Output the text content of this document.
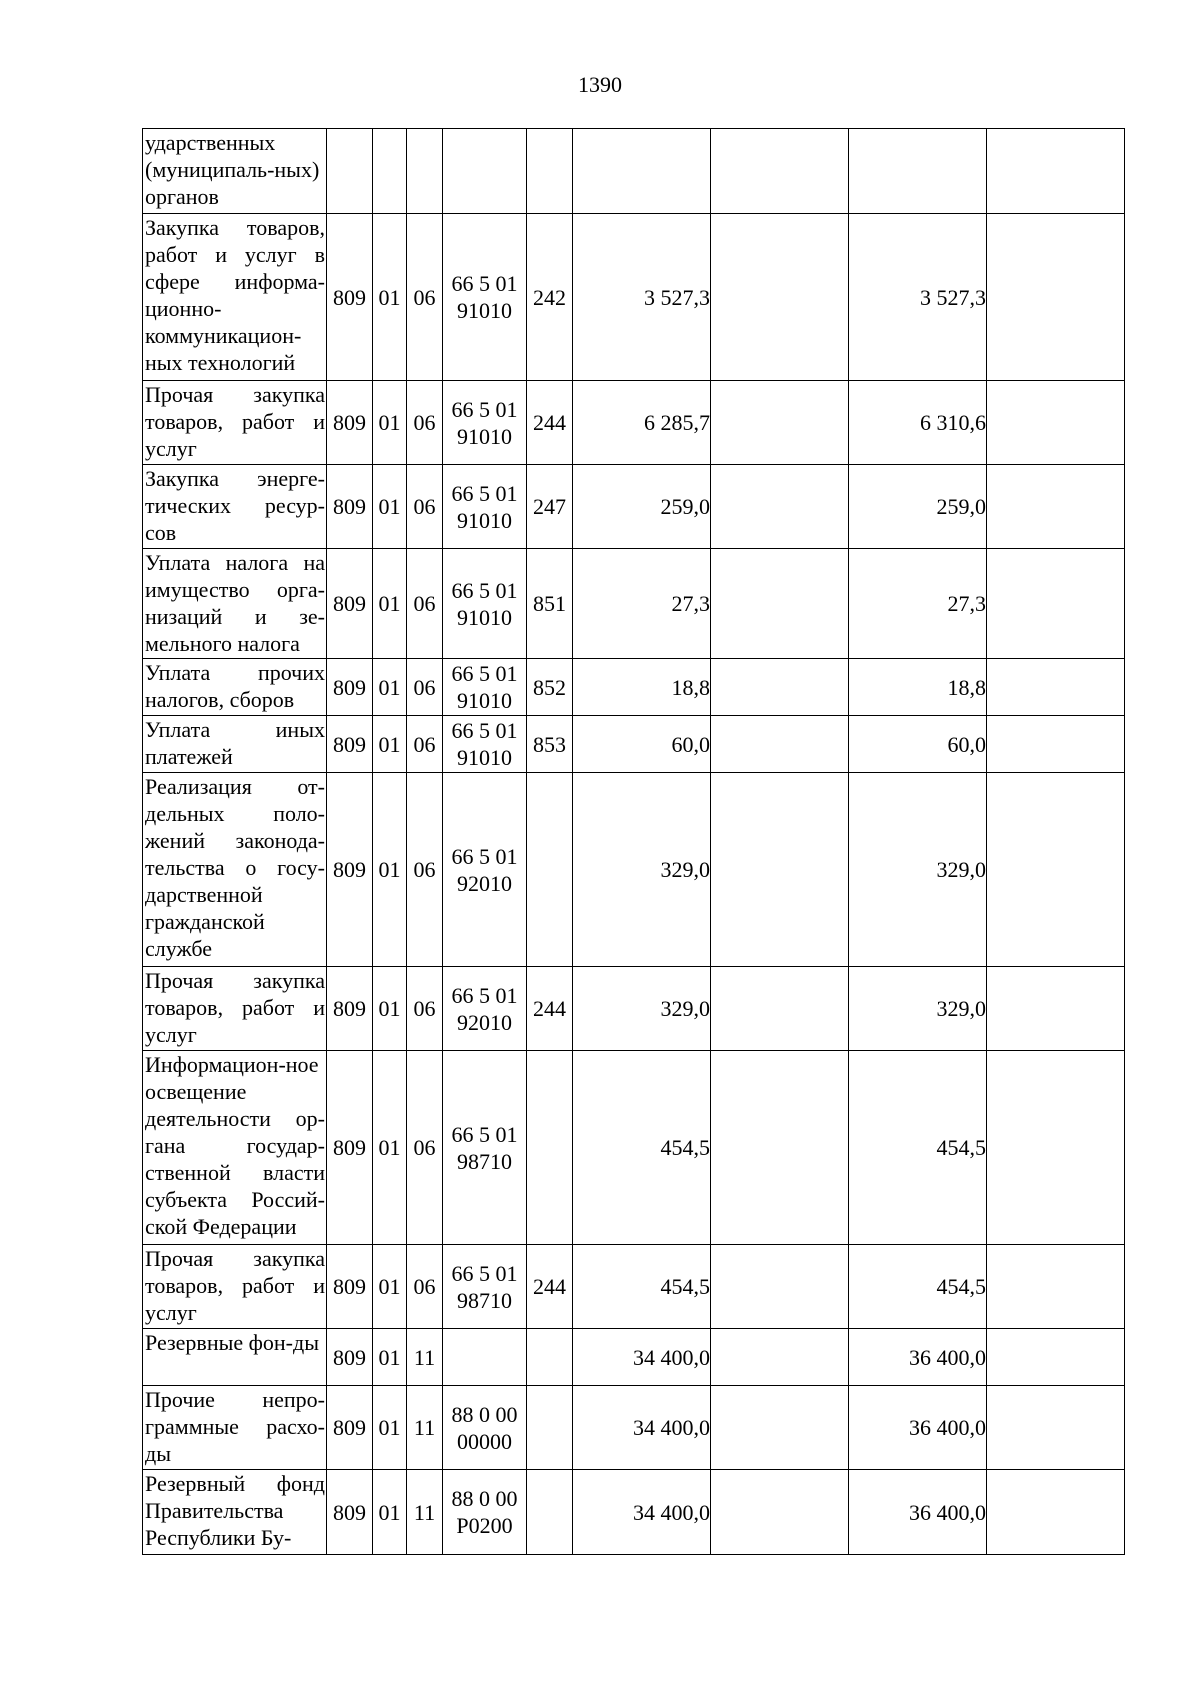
1390
ударственных (муниципаль-ных) органов									
Закупка товаров, работ и услуг в сфере информа-ционно-коммуникацион-ных технологий	809	01	06	66 5 01 91010	242	3 527,3		3 527,3	
Прочая закупка товаров, работ и услуг	809	01	06	66 5 01 91010	244	6 285,7		6 310,6	
Закупка энерге-тических ресур-сов	809	01	06	66 5 01 91010	247	259,0		259,0	
Уплата налога на имущество орга-низаций и зе-мельного налога	809	01	06	66 5 01 91010	851	27,3		27,3	
Уплата прочих налогов, сборов	809	01	06	66 5 01 91010	852	18,8		18,8	
Уплата иных платежей	809	01	06	66 5 01 91010	853	60,0		60,0	
Реализация от-дельных поло-жений законода-тельства о госу-дарственной гражданской службе	809	01	06	66 5 01 92010		329,0		329,0	
Прочая закупка товаров, работ и услуг	809	01	06	66 5 01 92010	244	329,0		329,0	
Информацион-ное освещение деятельности ор-гана государ-ственной власти субъекта Россий-ской Федерации	809	01	06	66 5 01 98710		454,5		454,5	
Прочая закупка товаров, работ и услуг	809	01	06	66 5 01 98710	244	454,5		454,5	
Резервные фон-ды	809	01	11			34 400,0		36 400,0	
Прочие непро-граммные расхо-ды	809	01	11	88 0 00 00000		34 400,0		36 400,0	
Резервный фонд Правительства Республики Бу-	809	01	11	88 0 00 Р0200		34 400,0		36 400,0	
